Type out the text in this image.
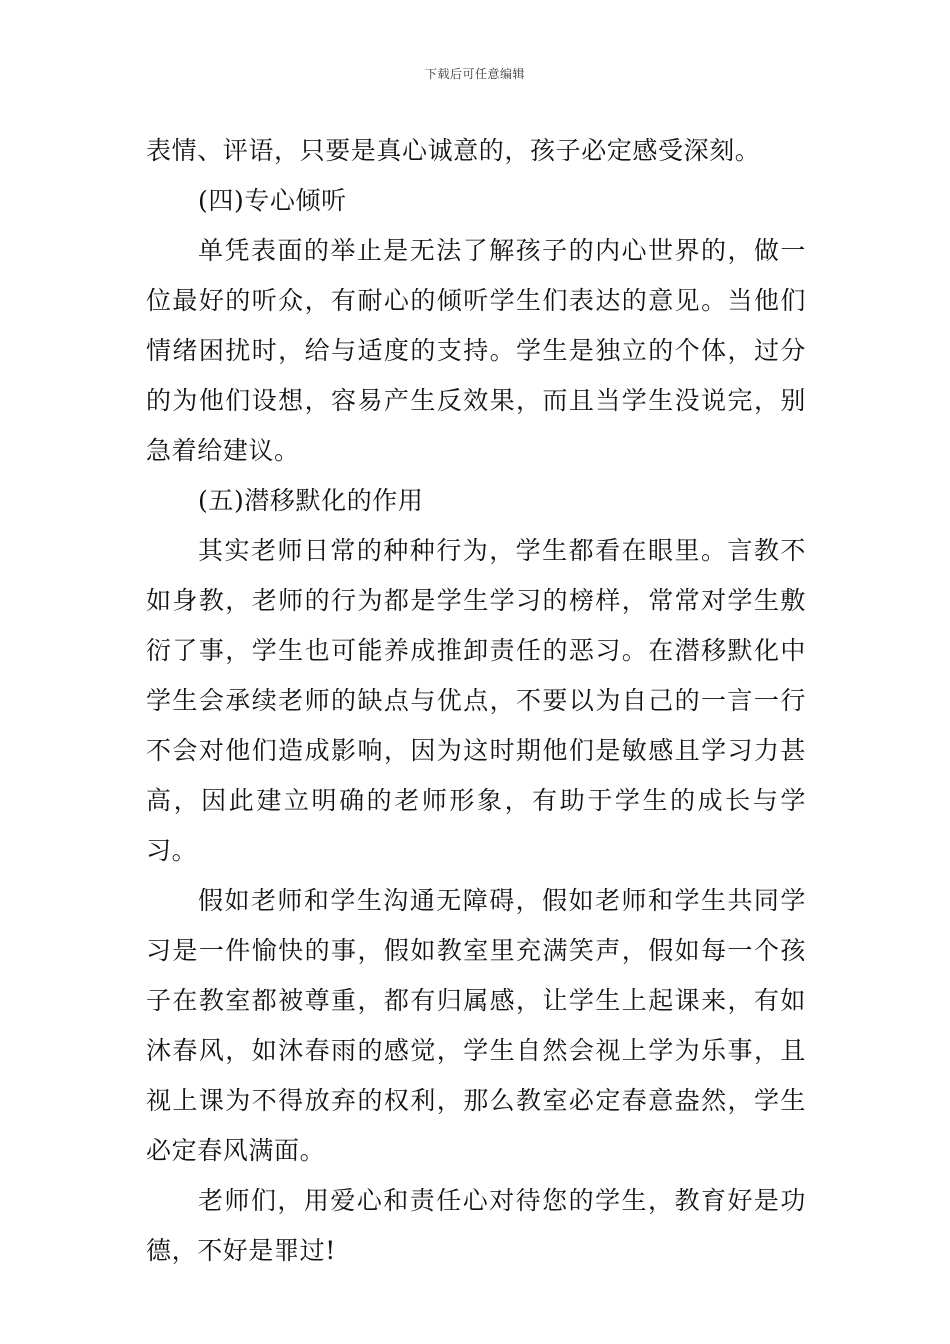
下载后可任意编辑

表情、评语，只要是真心诚意的，孩子必定感受深刻。

(四)专心倾听

单凭表面的举止是无法了解孩子的内心世界的，做一位最好的听众，有耐心的倾听学生们表达的意见。当他们情绪困扰时，给与适度的支持。学生是独立的个体，过分的为他们设想，容易产生反效果，而且当学生没说完，别急着给建议。

(五)潜移默化的作用

其实老师日常的种种行为，学生都看在眼里。言教不如身教，老师的行为都是学生学习的榜样，常常对学生敷衍了事，学生也可能养成推卸责任的恶习。在潜移默化中学生会承续老师的缺点与优点，不要以为自己的一言一行不会对他们造成影响，因为这时期他们是敏感且学习力甚高，因此建立明确的老师形象，有助于学生的成长与学习。

假如老师和学生沟通无障碍，假如老师和学生共同学习是一件愉快的事，假如教室里充满笑声，假如每一个孩子在教室都被尊重，都有归属感，让学生上起课来，有如沐春风，如沐春雨的感觉，学生自然会视上学为乐事，且视上课为不得放弃的权利，那么教室必定春意盎然，学生必定春风满面。

老师们，用爱心和责任心对待您的学生，教育好是功德，不好是罪过!
